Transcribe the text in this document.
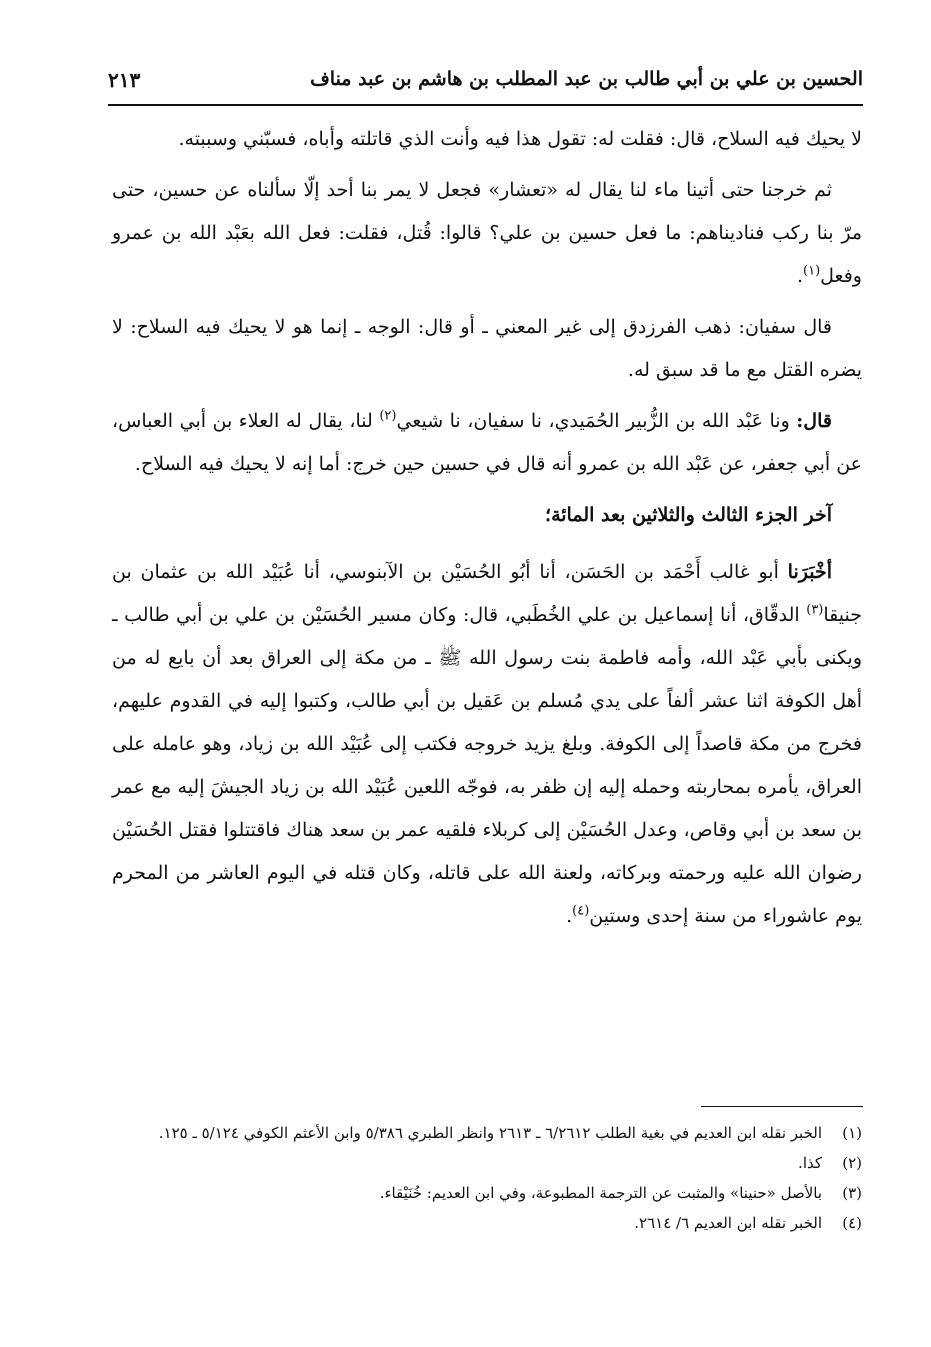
الحسين بن علي بن أبي طالب بن عبد المطلب بن هاشم بن عبد مناف
٢١٣

لا يحيك فيه السلاح، قال: فقلت له: تقول هذا فيه وأنت الذي قاتلته وأباه، فسبّني وسببته.

ثم خرجنا حتى أتينا ماء لنا يقال له «تعشار» فجعل لا يمر بنا أحد إلّا سألناه عن حسين، حتى مرّ بنا ركب فناديناهم: ما فعل حسين بن علي؟ قالوا: قُتل، فقلت: فعل الله بعَبْد الله بن عمرو وفعل$^{(١)}$.

قال سفيان: ذهب الفرزدق إلى غير المعني ـ أو قال: الوجه ـ إنما هو لا يحيك فيه السلاح: لا يضره القتل مع ما قد سبق له.

قال: ونا عَبْد الله بن الزُّبير الحُمَيدي، نا سفيان، نا شيعي$^{(٢)}$ لنا، يقال له العلاء بن أبي العباس، عن أبي جعفر، عن عَبْد الله بن عمرو أنه قال في حسين حين خرج: أما إنه لا يحيك فيه السلاح.

آخر الجزء الثالث والثلاثين بعد المائة؛

أخْبَرَنا أبو غالب أَحْمَد بن الحَسَن، أنا أبُو الحُسَيْن بن الآبنوسي، أنا عُبَيْد الله بن عثمان بن جنيقا$^{(٣)}$ الدقّاق، أنا إسماعيل بن علي الخُطَبي، قال: وكان مسير الحُسَيْن بن علي بن أبي طالب ـ ويكنى بأبي عَبْد الله، وأمه فاطمة بنت رسول الله ﷺ ـ من مكة إلى العراق بعد أن بايع له من أهل الكوفة اثنا عشر ألفاً على يدي مُسلم بن عَقيل بن أبي طالب، وكتبوا إليه في القدوم عليهم، فخرج من مكة قاصداً إلى الكوفة. وبلغ يزيد خروجه فكتب إلى عُبَيْد الله بن زياد، وهو عامله على العراق، يأمره بمحاربته وحمله إليه إن ظفر به، فوجّه اللعين عُبَيْد الله بن زياد الجيشَ إليه مع عمر بن سعد بن أبي وقاص، وعدل الحُسَيْن إلى كربلاء فلقيه عمر بن سعد هناك فاقتتلوا فقتل الحُسَيْن رضوان الله عليه ورحمته وبركاته، ولعنة الله على قاتله، وكان قتله في اليوم العاشر من المحرم يوم عاشوراء من سنة إحدى وستين$^{(٤)}$.

(١)
الخبر نقله ابن العديم في بغية الطلب ٦/٢٦١٢ ـ ٢٦١٣ وانظر الطبري ٥/٣٨٦ وابن الأعثم الكوفي ٥/١٢٤ ـ ١٢٥.
(٢)
كذا.
(٣)
بالأصل «حنينا» والمثبت عن الترجمة المطبوعة، وفي ابن العديم: خُنَيْقاء.
(٤)
الخبر نقله ابن العديم ٦/ ٢٦١٤.
